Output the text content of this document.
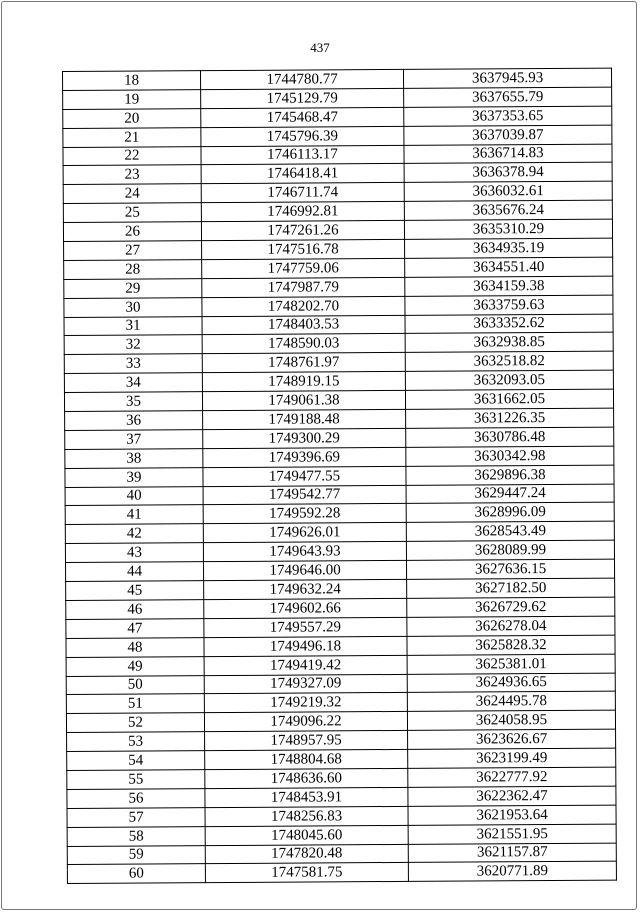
437
18	1744780.77	3637945.93
19	1745129.79	3637655.79
20	1745468.47	3637353.65
21	1745796.39	3637039.87
22	1746113.17	3636714.83
23	1746418.41	3636378.94
24	1746711.74	3636032.61
25	1746992.81	3635676.24
26	1747261.26	3635310.29
27	1747516.78	3634935.19
28	1747759.06	3634551.40
29	1747987.79	3634159.38
30	1748202.70	3633759.63
31	1748403.53	3633352.62
32	1748590.03	3632938.85
33	1748761.97	3632518.82
34	1748919.15	3632093.05
35	1749061.38	3631662.05
36	1749188.48	3631226.35
37	1749300.29	3630786.48
38	1749396.69	3630342.98
39	1749477.55	3629896.38
40	1749542.77	3629447.24
41	1749592.28	3628996.09
42	1749626.01	3628543.49
43	1749643.93	3628089.99
44	1749646.00	3627636.15
45	1749632.24	3627182.50
46	1749602.66	3626729.62
47	1749557.29	3626278.04
48	1749496.18	3625828.32
49	1749419.42	3625381.01
50	1749327.09	3624936.65
51	1749219.32	3624495.78
52	1749096.22	3624058.95
53	1748957.95	3623626.67
54	1748804.68	3623199.49
55	1748636.60	3622777.92
56	1748453.91	3622362.47
57	1748256.83	3621953.64
58	1748045.60	3621551.95
59	1747820.48	3621157.87
60	1747581.75	3620771.89
